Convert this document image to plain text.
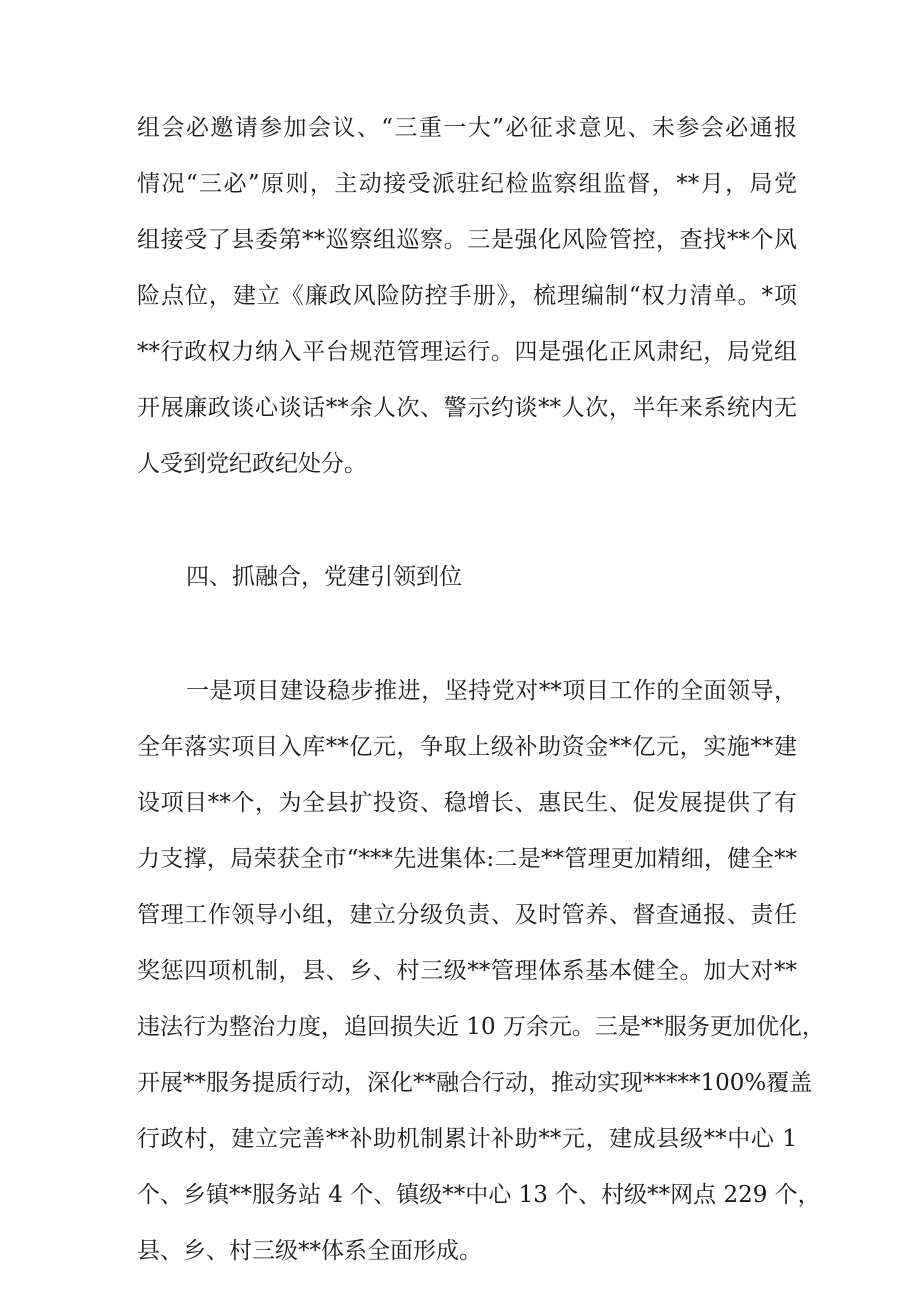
组会必邀请参加会议、“三重一大”必征求意见、未参会必通报
情况“三必”原则，主动接受派驻纪检监察组监督，**月，局党
组接受了县委第**巡察组巡察。三是强化风险管控，查找**个风
险点位，建立《廉政风险防控手册》，梳理编制“权力清单。*项
**行政权力纳入平台规范管理运行。四是强化正风肃纪，局党组
开展廉政谈心谈话**余人次、警示约谈**人次，半年来系统内无
人受到党纪政纪处分。
四、抓融合，党建引领到位
一是项目建设稳步推进，坚持党对**项目工作的全面领导，
全年落实项目入库**亿元，争取上级补助资金**亿元，实施**建
设项目**个，为全县扩投资、稳增长、惠民生、促发展提供了有
力支撑，局荣获全市“***先进集体:二是**管理更加精细，健全**
管理工作领导小组，建立分级负责、及时管养、督查通报、责任
奖惩四项机制，县、乡、村三级**管理体系基本健全。加大对**
违法行为整治力度，追回损失近 10 万余元。三是**服务更加优化，
开展**服务提质行动，深化**融合行动，推动实现*****100%覆盖
行政村，建立完善**补助机制累计补助**元，建成县级**中心 1
个、乡镇**服务站 4 个、镇级**中心 13 个、村级**网点 229 个，
县、乡、村三级**体系全面形成。
